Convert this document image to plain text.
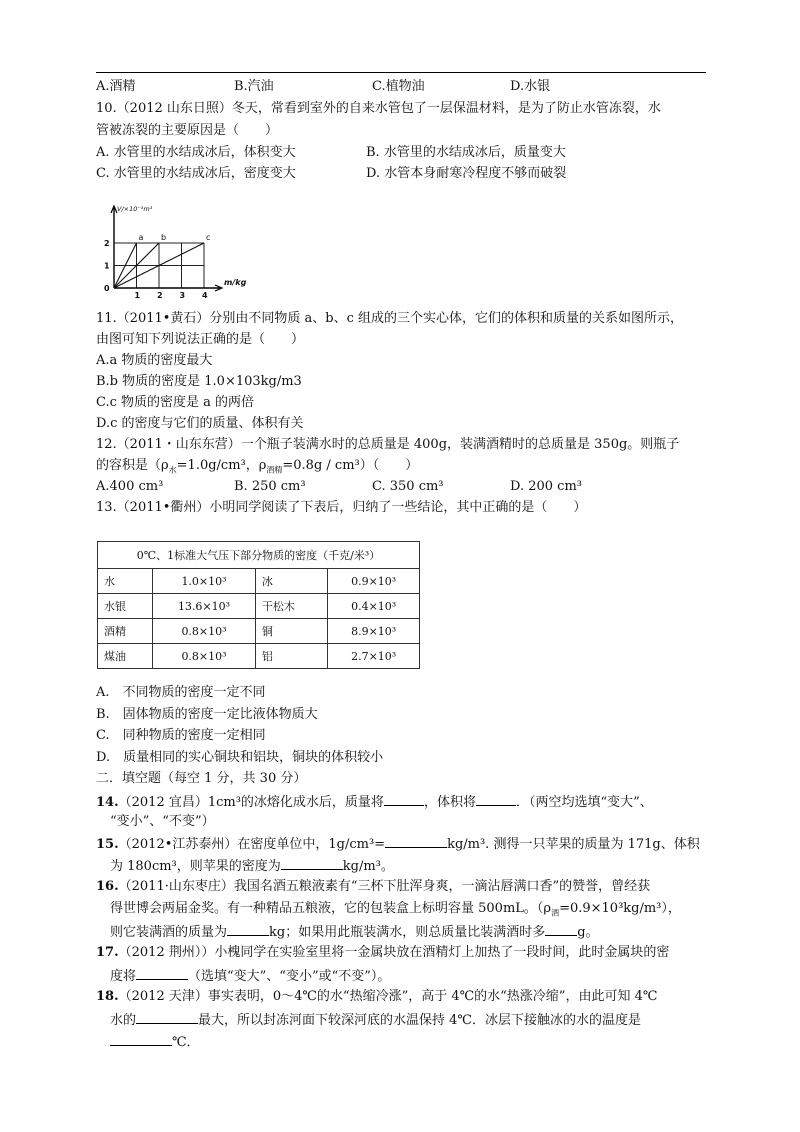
A.酒精	B.汽油	C.植物油	D.水银
10.（2012 山东日照）冬天，常看到室外的自来水管包了一层保温材料，是为了防止水管冻裂，水
管被冻裂的主要原因是（　　）
A. 水管里的水结成冰后，体积变大	B. 水管里的水结成冰后，质量变大
C. 水管里的水结成冰后，密度变大	D. 水管本身耐寒冷程度不够而破裂
a b	c
1 2 3 4
1
2
0
V/×10⁻³m³
m/kg
11.（2011•黄石）分别由不同物质 a、b、c 组成的三个实心体，它们的体积和质量的关系如图所示，
由图可知下列说法正确的是（　　）
A.a 物质的密度最大
B.b 物质的密度是 1.0×103kg/m3
C.c 物质的密度是 a 的两倍
D.c 的密度与它们的质量、体积有关
12.（2011・山东东营）一个瓶子装满水时的总质量是 400g，装满酒精时的总质量是 350g。则瓶子
的容积是（$\rho_水=1.0g$/cm³，$\rho_{酒精}=0.8g / cm^3$）（　　）
A.400 cm³	B. 250 cm³	C. 350 cm³	D. 200 cm³
13.（2011•衢州）小明同学阅读了下表后，归纳了一些结论，其中正确的是（　　）
0℃、1标准大气压下部分物质的密度（千克/米³）			
水	1.0×10³	冰	0.9×10³
水银	13.6×10³	干松木	0.4×10³
酒精	0.8×10³	铜	8.9×10³
煤油	0.8×10³	铝	2.7×10³
A.　不同物质的密度一定不同
B.　固体物质的密度一定比液体物质大
C.　同种物质的密度一定相同
D.　质量相同的实心铜块和铝块，铜块的体积较小
二．填空题（每空 1 分，共 30 分）
14.（2012 宜昌）1cm³的冰熔化成水后，质量将	，体积将	．（两空均选填“变大”、
“变小”、“不变”）
15.（2012•江苏泰州）在密度单位中，1g/cm³=	kg/m³. 测得一只苹果的质量为 171g、体积
为 180cm³，则苹果的密度为	kg/m³。
16.（2011·山东枣庄）我国名酒五粮液素有“三杯下肚浑身爽，一滴沾唇满口香”的赞誉，曾经获
得世博会两届金奖。有一种精品五粮液，它的包装盒上标明容量 500mL。$(\rho_酒=0.9\times 10^3kg/m^3)$，
则它装满酒的质量为	kg；如果用此瓶装满水，则总质量比装满酒时多 g。
17.（2012 荆州））小槐同学在实验室里将一金属块放在酒精灯上加热了一段时间，此时金属块的密
度将	（选填“变大”、“变小”或“不变”）。
18.（2012 天津）事实表明，0～4℃的水“热缩冷涨”，高于 4℃的水“热涨冷缩”，由此可知 4℃
水的	最大，所以封冻河面下较深河底的水温保持 4℃．冰层下接触冰的水的温度是
℃．
